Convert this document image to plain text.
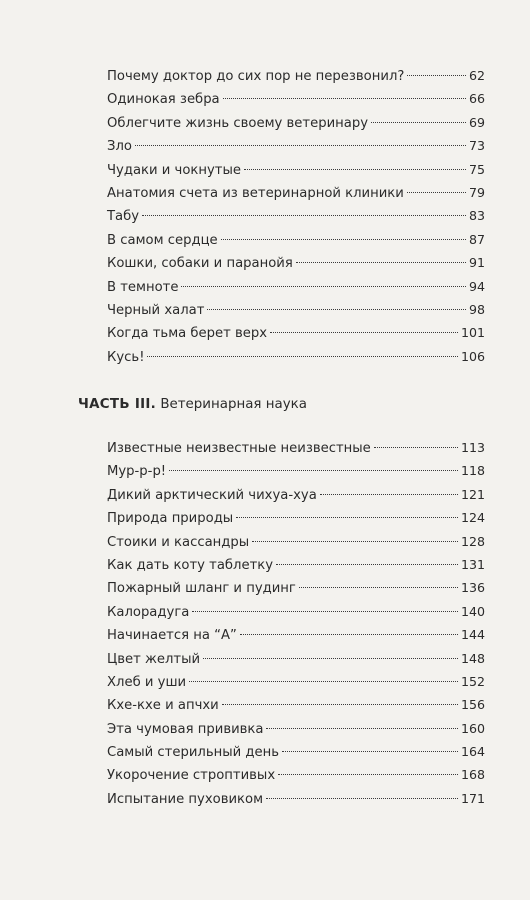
Почему доктор до сих пор не перезвонил?	62
Одинокая зебра	66
Облегчите жизнь своему ветеринару	69
Зло	73
Чудаки и чокнутые	75
Анатомия счета из ветеринарной клиники	79
Табу	83
В самом сердце	87
Кошки, собаки и паранойя	91
В темноте	94
Черный халат	98
Когда тьма берет верх	101
Кусь!	106
ЧАСТЬ III. Ветеринарная наука
Известные неизвестные неизвестные	113
Мур-р-р!	118
Дикий арктический чихуа-хуа	121
Природа природы	124
Стоики и кассандры	128
Как дать коту таблетку	131
Пожарный шланг и пудинг	136
Калорадуга	140
Начинается на “А”	144
Цвет желтый	148
Хлеб и уши	152
Кхе-кхе и апчхи	156
Эта чумовая прививка	160
Самый стерильный день	164
Укорочение строптивых	168
Испытание пуховиком	171
